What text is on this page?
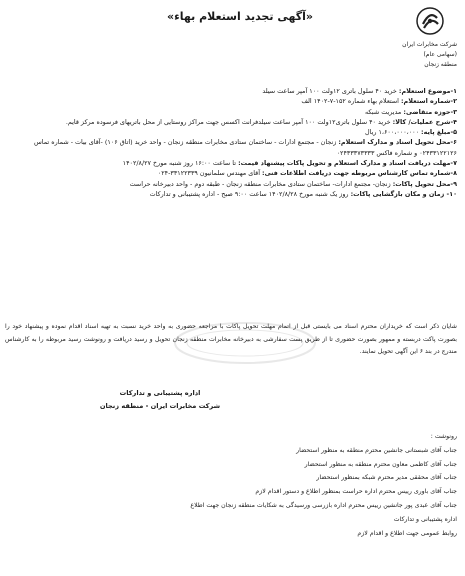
شرکت مخابرات ایران
(سهامی عام)
منطقه زنجان
«آگهی تجدید استعلام بهاء»
۱-موضوع استعلام: خرید ۴۰ سلول باتری ۱۲ولت ۱۰۰ آمپر ساعت سیلد
۲-شماره استعلام: استعلام بهاء شماره ۱۵۲-۷-۱۴۰۲ الف
۳-حوزه متقاضی: مدیریت شبکه
۴-شرح عملیات/ کالا: خرید ۴۰ سلول باتری۱۲ولت ۱۰۰ آمپر ساعت سیلدفرانت اکسس جهت مراکز روستایی از محل باتریهای فرسوده مرکز قایم.
۵-مبلغ پایه: ۱،۶۰۰،۰۰۰،۰۰۰ ریال
۶-محل تحویل اسناد و مدارک استعلام: زنجان - مجتمع ادارات - ساختمان ستادی مخابرات منطقه زنجان - واحد خرید (اتاق ۱۰۶) -آقای بیات - شماره تماس ۰۲۴۳۳۱۲۲۱۲۶ و شماره فاکس ۰۲۴۳۳۳۷۳۳۳۳
۷-مهلت دریافت اسناد و مدارک استعلام و تحویل پاکات پیشنهاد قیمت: تا ساعت ۱۶:۰۰ روز شنبه مورخ ۱۴۰۲/۸/۲۷
۸-شماره تماس کارشناس مربوطه جهت دریافت اطلاعات فنی: آقای مهندس سلمانیون ۳۳۱۲۲۳۳۹-۰۲۴
۹-محل تحویل پاکات: زنجان- مجتمع ادارات- ساختمان ستادی مخابرات منطقه زنجان - طبقه دوم - واحد دبیرخانه حراست
۱۰- زمان و مکان بازگشایی پاکات: روز یک شنبه مورخ ۱۴۰۲/۸/۲۸ ساعت ۹:۰۰ صبح - اداره پشتیبانی و تدارکات
شایان ذکر است که خریداران محترم اسناد می بایستی قبل از اتمام مهلت تحویل پاکات با مراجعه حضوری به واحد خرید نسبت به تهیه اسناد اقدام نموده و پیشنهاد خود را بصورت پاکت دربسته و ممهور بصورت حضوری تا از طریق پست سفارشی به دبیرخانه مخابرات منطقه زنجان تحویل و رسید دریافت و رونوشت رسید مربوطه را به کارشناس مندرج در بند ۶ این آگهی تحویل نمایند.
اداره پشتیبانی و تدارکات
شرکت مخابرات ایران - منطقه زنجان
رونوشت :
جناب آقای شبستانی جانشین محترم منطقه به منظور استحضار
جناب آقای کاظمی معاون محترم منطقه به منظور استحضار
جناب آقای محققی مدیر محترم شبکه بمنظور استحضار
جناب آقای باوری رییس محترم اداره حراست بمنظور اطلاع و دستور اقدام لازم
جناب آقای عبدی پور جانشین رییس محترم اداره بازرسی ورسیدگی به شکایات منطقه زنجان جهت اطلاع
اداره پشتیبانی و تدارکات
روابط عمومی جهت اطلاع و اقدام لازم
